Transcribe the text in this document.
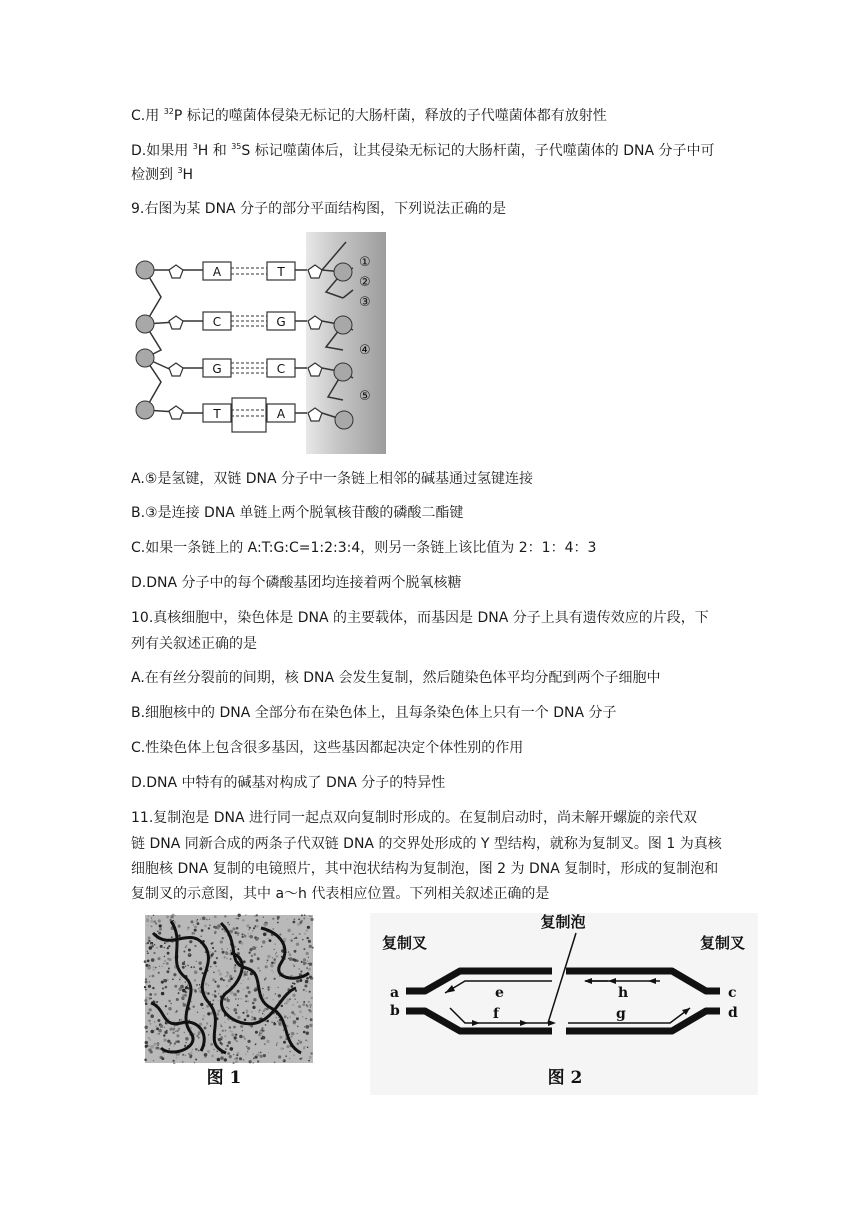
C.用 $^{32}$P 标记的噬菌体侵染无标记的大肠杆菌，释放的子代噬菌体都有放射性
D.如果用 $^3$H 和 $^{35}$S 标记噬菌体后，让其侵染无标记的大肠杆菌，子代噬菌体的 DNA 分子中可
检测到 $^3$H
9.右图为某 DNA 分子的部分平面结构图，下列说法正确的是
A
C
G
T
T
G
C
A
①
②
③
④
⑤
A.⑤是氢键，双链 DNA 分子中一条链上相邻的碱基通过氢键连接
B.③是连接 DNA 单链上两个脱氧核苷酸的磷酸二酯键
C.如果一条链上的 A:T:G:C=1:2:3:4，则另一条链上该比值为 2：1：4：3
D.DNA 分子中的每个磷酸基团均连接着两个脱氧核糖
10.真核细胞中，染色体是 DNA 的主要载体，而基因是 DNA 分子上具有遗传效应的片段，下
列有关叙述正确的是
A.在有丝分裂前的间期，核 DNA 会发生复制，然后随染色体平均分配到两个子细胞中
B.细胞核中的 DNA 全部分布在染色体上，且每条染色体上只有一个 DNA 分子
C.性染色体上包含很多基因，这些基因都起决定个体性别的作用
D.DNA 中特有的碱基对构成了 DNA 分子的特异性
11.复制泡是 DNA 进行同一起点双向复制时形成的。在复制启动时，尚未解开螺旋的亲代双
链 DNA 同新合成的两条子代双链 DNA 的交界处形成的 Y 型结构，就称为复制叉。图 1 为真核
细胞核 DNA 复制的电镜照片，其中泡状结构为复制泡，图 2 为 DNA 复制时，形成的复制泡和
复制叉的示意图，其中 a～h 代表相应位置。下列相关叙述正确的是
图 1
复制泡
复制叉	复制叉
a
b
c
d
e
f	g
h
图 2
